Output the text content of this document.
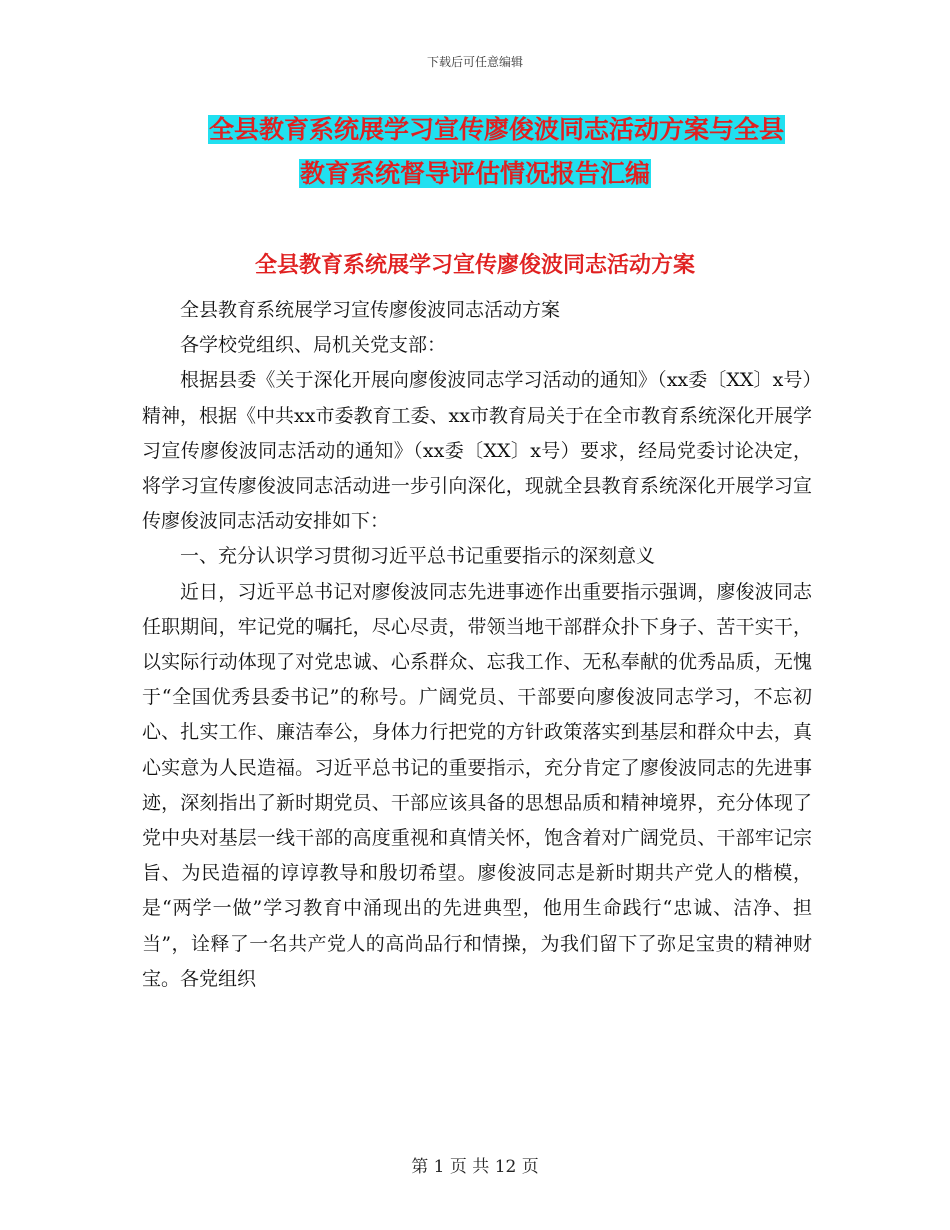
下载后可任意编辑
全县教育系统展学习宣传廖俊波同志活动方案与全县
教育系统督导评估情况报告汇编
全县教育系统展学习宣传廖俊波同志活动方案

全县教育系统展学习宣传廖俊波同志活动方案

各学校党组织、局机关党支部：

根据县委《关于深化开展向廖俊波同志学习活动的通知》（xx委〔XX〕x号）精神，根据《中共xx市委教育工委、xx市教育局关于在全市教育系统深化开展学习宣传廖俊波同志活动的通知》（xx委〔XX〕x号）要求，经局党委讨论决定，将学习宣传廖俊波同志活动进一步引向深化，现就全县教育系统深化开展学习宣传廖俊波同志活动安排如下：

一、充分认识学习贯彻习近平总书记重要指示的深刻意义

近日，习近平总书记对廖俊波同志先进事迹作出重要指示强调，廖俊波同志任职期间，牢记党的嘱托，尽心尽责，带领当地干部群众扑下身子、苦干实干，以实际行动体现了对党忠诚、心系群众、忘我工作、无私奉献的优秀品质，无愧于“全国优秀县委书记”的称号。广阔党员、干部要向廖俊波同志学习，不忘初心、扎实工作、廉洁奉公，身体力行把党的方针政策落实到基层和群众中去，真心实意为人民造福。习近平总书记的重要指示，充分肯定了廖俊波同志的先进事迹，深刻指出了新时期党员、干部应该具备的思想品质和精神境界，充分体现了党中央对基层一线干部的高度重视和真情关怀，饱含着对广阔党员、干部牢记宗旨、为民造福的谆谆教导和殷切希望。廖俊波同志是新时期共产党人的楷模，是“两学一做”学习教育中涌现出的先进典型，他用生命践行“忠诚、洁净、担当”，诠释了一名共产党人的高尚品行和情操，为我们留下了弥足宝贵的精神财宝。各党组织

第 1 页 共 12 页
